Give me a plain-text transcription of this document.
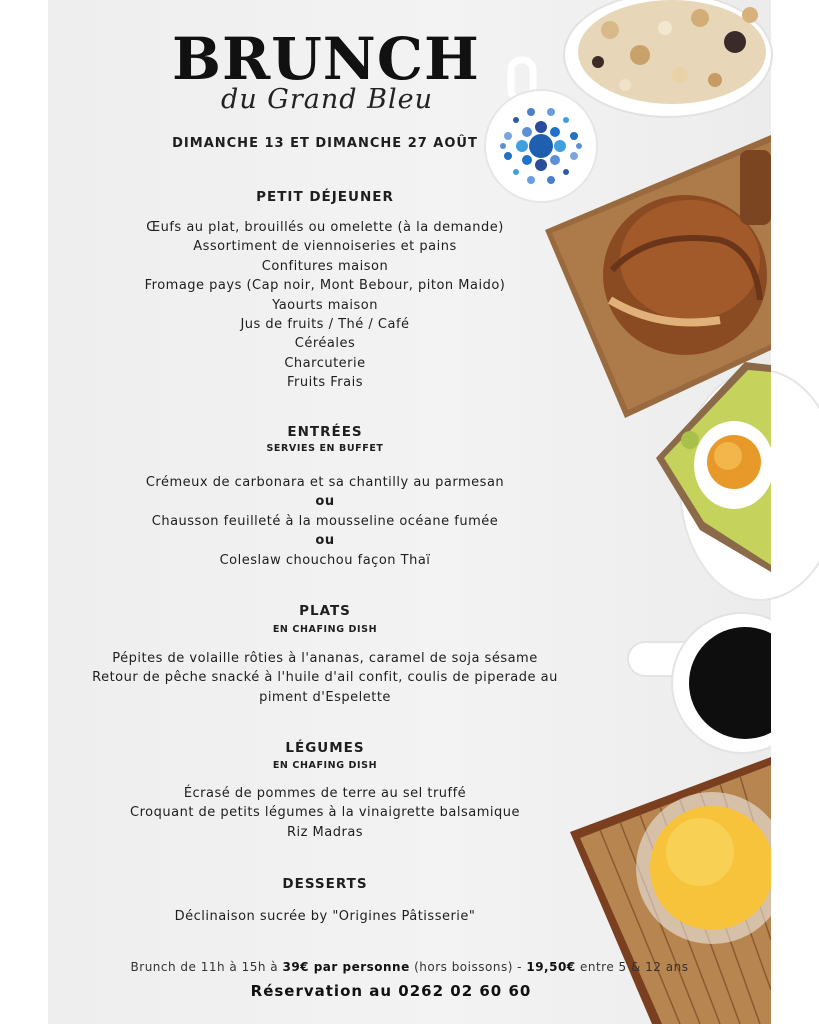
BRUNCH
du Grand Bleu
DIMANCHE 13 ET DIMANCHE 27 AOÛT
PETIT DÉJEUNER
Œufs au plat, brouillés ou omelette (à la demande)
Assortiment de viennoiseries et pains
Confitures maison
Fromage pays (Cap noir, Mont Bebour, piton Maido)
Yaourts maison
Jus de fruits / Thé / Café
Céréales
Charcuterie
Fruits Frais
ENTRÉES
SERVIES EN BUFFET
Crémeux de carbonara et sa chantilly au parmesan
ou
Chausson feuilleté à la mousseline océane fumée
ou
Coleslaw chouchou façon Thaï
PLATS
EN CHAFING DISH
Pépites de volaille rôties à l'ananas, caramel de soja sésame
Retour de pêche snacké à l'huile d'ail confit, coulis de piperade au
piment d'Espelette
LÉGUMES
EN CHAFING DISH
Écrasé de pommes de terre au sel truffé
Croquant de petits légumes à la vinaigrette balsamique
Riz Madras
DESSERTS
Déclinaison sucrée by "Origines Pâtisserie"
Brunch de 11h à 15h à 39€ par personne (hors boissons) - 19,50€ entre 5 & 12 ans
Réservation au 0262 02 60 60
